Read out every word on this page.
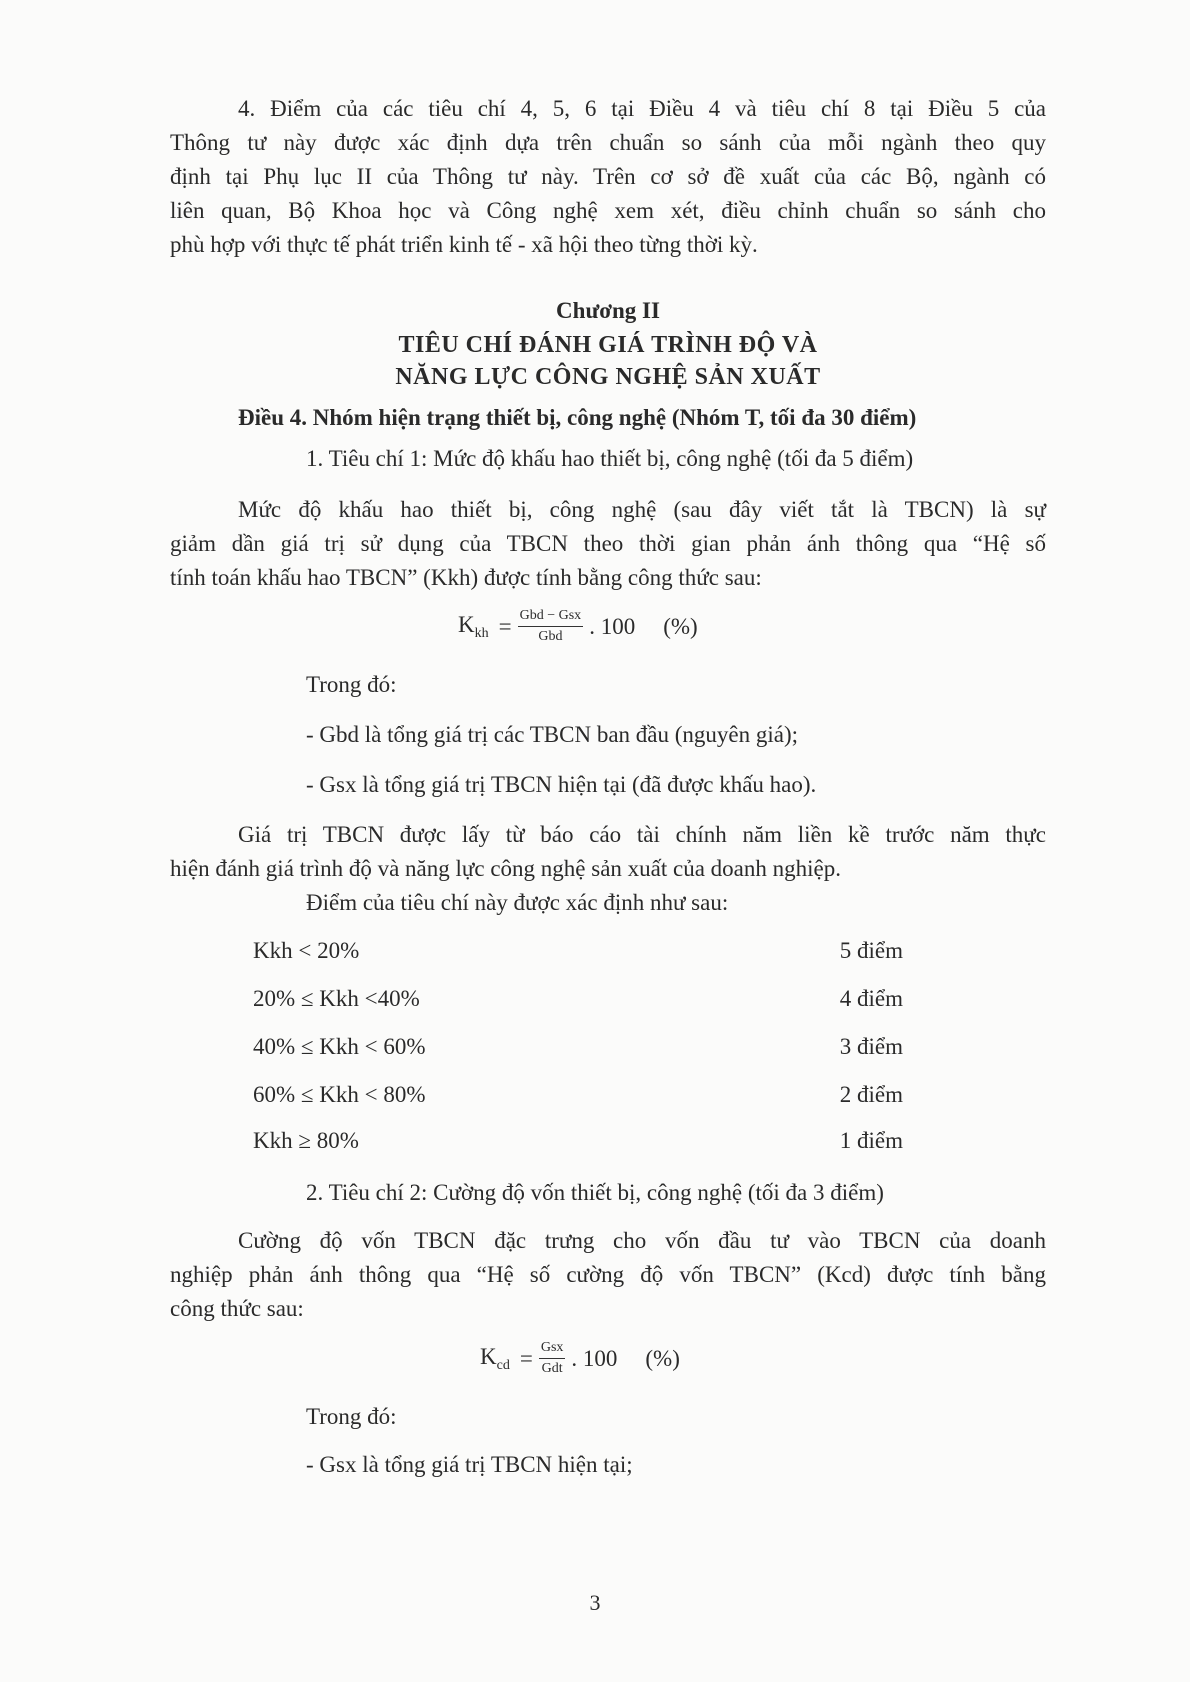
4. Điểm của các tiêu chí 4, 5, 6 tại Điều 4 và tiêu chí 8 tại Điều 5 của
Thông tư này được xác định dựa trên chuẩn so sánh của mỗi ngành theo quy
định tại Phụ lục II của Thông tư này. Trên cơ sở đề xuất của các Bộ, ngành có
liên quan, Bộ Khoa học và Công nghệ xem xét, điều chỉnh chuẩn so sánh cho
phù hợp với thực tế phát triển kinh tế - xã hội theo từng thời kỳ.

Chương II

TIÊU CHÍ ĐÁNH GIÁ TRÌNH ĐỘ VÀ

NĂNG LỰC CÔNG NGHỆ SẢN XUẤT

Điều 4. Nhóm hiện trạng thiết bị, công nghệ (Nhóm T, tối đa 30 điểm)

1. Tiêu chí 1: Mức độ khấu hao thiết bị, công nghệ (tối đa 5 điểm)

Mức độ khấu hao thiết bị, công nghệ (sau đây viết tắt là TBCN) là sự
giảm dần giá trị sử dụng của TBCN theo thời gian phản ánh thông qua “Hệ số
tính toán khấu hao TBCN” (Kkh) được tính bằng công thức sau:
$K_{kh} = \frac{\text{Gbd − Gsx}}{\text{Gbd}}$ . 100 (%)

Trong đó:

- Gbd là tổng giá trị các TBCN ban đầu (nguyên giá);

- Gsx là tổng giá trị TBCN hiện tại (đã được khấu hao).

Giá trị TBCN được lấy từ báo cáo tài chính năm liền kề trước năm thực
hiện đánh giá trình độ và năng lực công nghệ sản xuất của doanh nghiệp.

Điểm của tiêu chí này được xác định như sau:

Kkh < 20%	5 điểm
20% ≤ Kkh <40%	4 điểm
40% ≤ Kkh < 60%	3 điểm
60% ≤ Kkh < 80%	2 điểm
Kkh ≥ 80%	1 điểm

2. Tiêu chí 2: Cường độ vốn thiết bị, công nghệ (tối đa 3 điểm)

Cường độ vốn TBCN đặc trưng cho vốn đầu tư vào TBCN của doanh
nghiệp phản ánh thông qua “Hệ số cường độ vốn TBCN” (Kcd) được tính bằng
công thức sau:
$K_{cd} = \frac{\text{Gsx}}{\text{Gdt}}$ . 100 (%)

Trong đó:

- Gsx là tổng giá trị TBCN hiện tại;

3
